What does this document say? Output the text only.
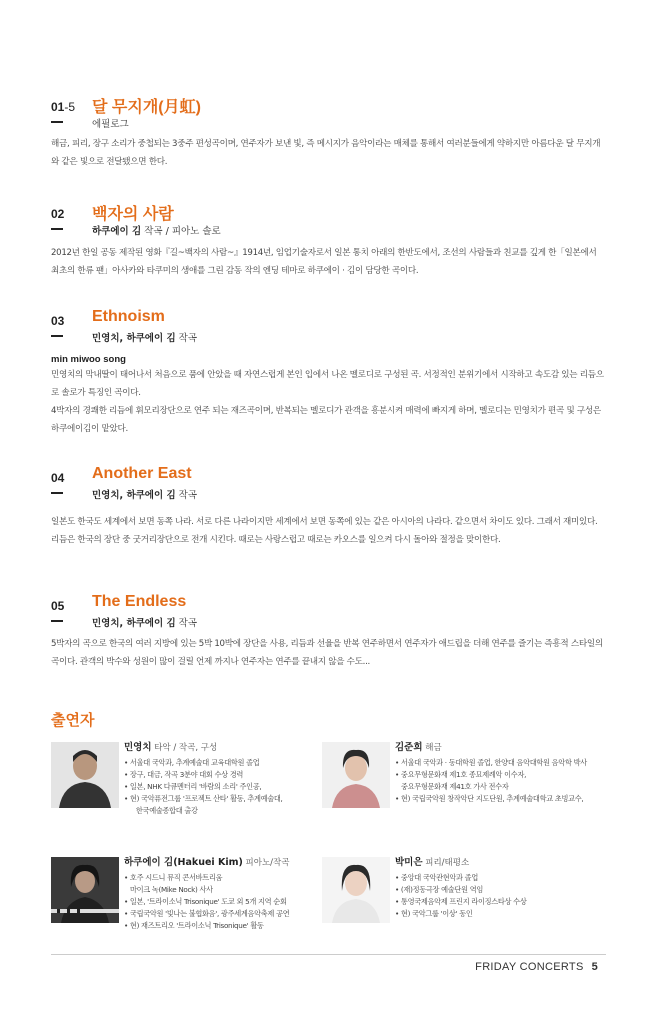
01-5 달 무지개(月虹)
에필로그

해금, 피리, 장구 소리가 중첩되는 3중주 편성곡이며, 연주자가 보낸 빛, 즉 메시지가 음악이라는 매체를 통해서 여러분들에게 약하지만 아름다운 달 무지개와 같은 빛으로 전달됐으면 한다.

02 백자의 사람
하쿠에이 김 작곡 / 피아노 솔로

2012년 한일 공동 제작된 영화『길~백자의 사람~』1914년, 임업기술자로서 일본 통치 아래의 한반도에서, 조선의 사람들과 친교를 깊게 한「일본에서 최초의 한류 팬」아사카와 타쿠미의 생애를 그린 감동 작의 엔딩 테마로 하쿠에이 · 김이 담당한 곡이다.

03 Ethnoism
민영치, 하쿠에이 김 작곡
min miwoo song

민영치의 막내딸이 태어나서 처음으로 품에 안았을 때 자연스럽게 본인 입에서 나온 멜로디로 구성된 곡. 서정적인 분위기에서 시작하고 속도감 있는 리듬으로 솔로가 특징인 곡이다.

4박자의 경쾌한 리듬에 휘모리장단으로 연주 되는 재즈곡이며, 반복되는 멜로디가 관객을 흥분시켜 매력에 빠지게 하며, 멜로디는 민영치가 편곡 및 구성은 하쿠에이김이 맡았다.

04 Another East
민영치, 하쿠에이 김 작곡

일본도 한국도 세계에서 보면 동쪽 나라. 서로 다른 나라이지만 세계에서 보면 동쪽에 있는 같은 아시아의 나라다. 같으면서 차이도 있다. 그래서 재미있다. 리듬은 한국의 장단 중 굿거리장단으로 전개 시킨다. 때로는 사랑스럽고 때로는 카오스를 일으켜 다시 돌아와 절정을 맞이한다.

05 The Endless
민영치, 하쿠에이 김 작곡

5박자의 곡으로 한국의 여러 지방에 있는 5박 10박에 장단을 사용, 리듬과 선율을 반복 연주하면서 연주자가 애드립을 더해 연주를 즐기는 즉흥적 스타일의 곡이다. 관객의 박수와 성원이 많이 걸릴 언제 까지나 연주자는 연주를 끝내지 않을 수도...

출연자
민영치 타악 / 작곡, 구성
• 서울대 국악과, 추계예술대 교육대학원 졸업
• 장구, 대금, 작곡 3분야 대회 수상 경력
• 일본, NHK 다큐멘터리 '바람의 소리' 주인공,
• 현) 국악퓨전그룹 '프로젝트 산타' 활동, 추계예술대,
한국예술종합대 출강
김준희 해금
• 서울대 국악과 · 동대학원 졸업, 한양대 음악대학원 음악학 박사
• 중요무형문화재 제1호 종묘제례악 이수자,
중요무형문화재 제41호 가사 전수자
• 현) 국립국악원 창작악단 지도단원, 추계예술대학교 초빙교수,
하쿠에이 김(Hakuei Kim) 피아노/작곡
• 호주 시드니 뮤직 콘서바트리움
마이크 녹(Mike Nock) 사사
• 일본, '트라이소닉 Trisonique' 도쿄 외 5개 지역 순회
• 국립국악원 '빛나는 불협화음', 광주세계음악축제 공연
• 현) 재즈트리오 '트라이소닉 Trisonique' 활동
박미은 피리/태평소
• 중앙대 국악관현악과 졸업
• (재)정동극장 예술단원 역임
• 통영국제음악제 프린지 라이징스타상 수상
• 현) 국악그룹 '이상' 동인
FRIDAY CONCERTS 5
